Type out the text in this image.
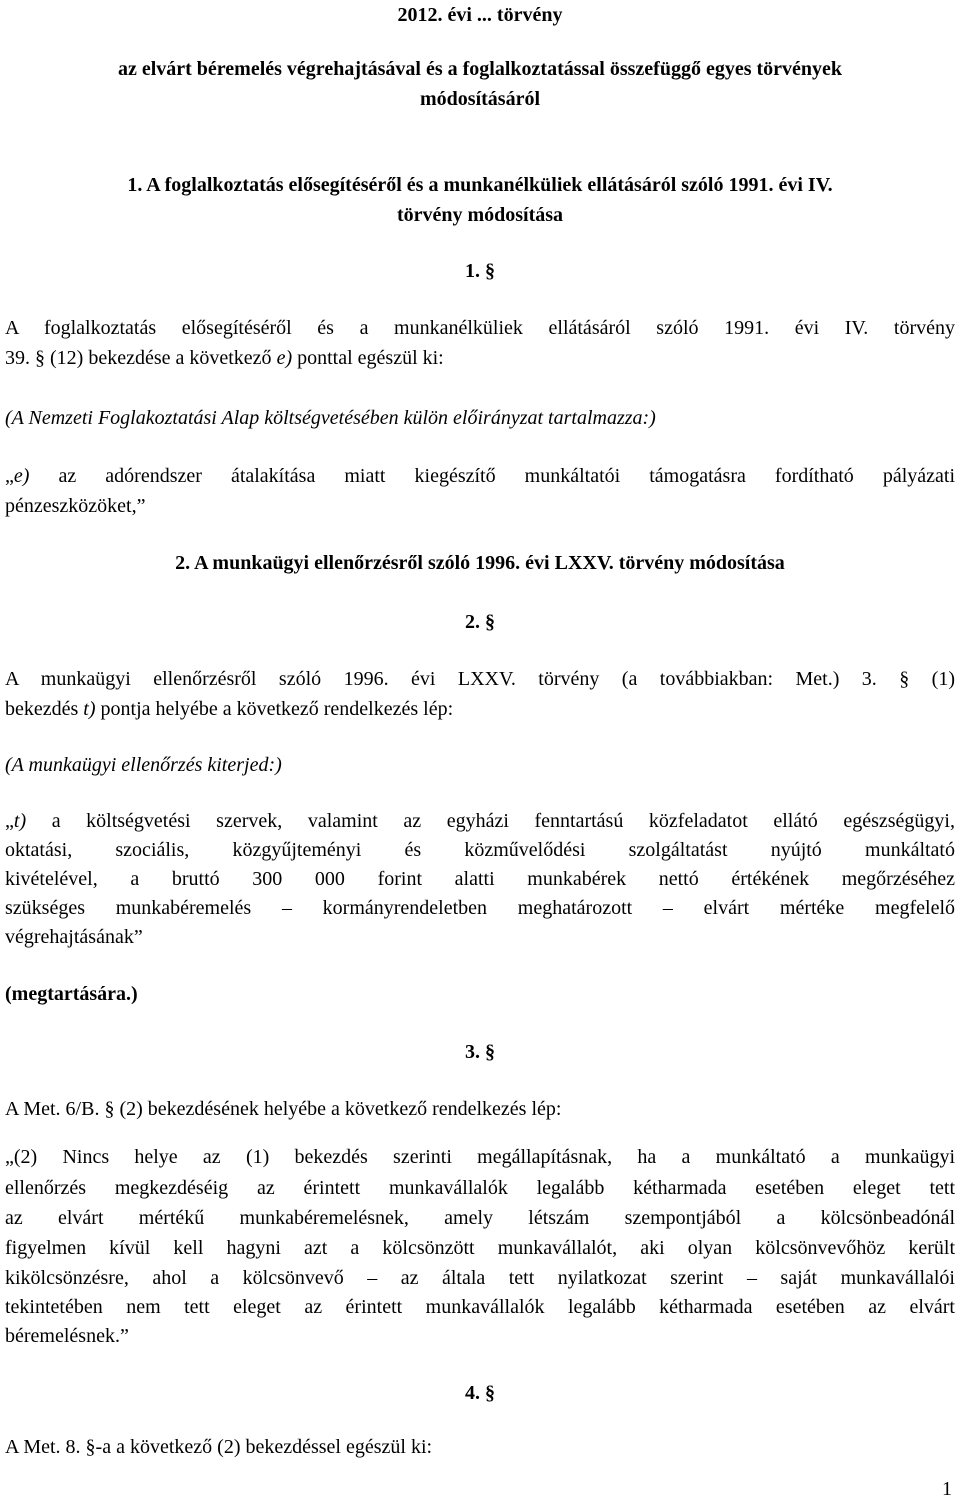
2012. évi ... törvény
az elvárt béremelés végrehajtásával és a foglalkoztatással összefüggő egyes törvények
módosításáról
1. A foglalkoztatás elősegítéséről és a munkanélküliek ellátásáról szóló 1991. évi IV.
törvény módosítása
1. §
A foglalkoztatás elősegítéséről és a munkanélküliek ellátásáról szóló 1991. évi IV. törvény
39. § (12) bekezdése a következő e) ponttal egészül ki:
(A Nemzeti Foglakoztatási Alap költségvetésében külön előirányzat tartalmazza:)
„e) az adórendszer átalakítása miatt kiegészítő munkáltatói támogatásra fordítható pályázati
pénzeszközöket,”
2. A munkaügyi ellenőrzésről szóló 1996. évi LXXV. törvény módosítása
2. §
A munkaügyi ellenőrzésről szóló 1996. évi LXXV. törvény (a továbbiakban: Met.) 3. § (1)
bekezdés t) pontja helyébe a következő rendelkezés lép:
(A munkaügyi ellenőrzés kiterjed:)
„t) a költségvetési szervek, valamint az egyházi fenntartású közfeladatot ellátó egészségügyi,
oktatási, szociális, közgyűjteményi és közművelődési szolgáltatást nyújtó munkáltató
kivételével, a bruttó 300 000 forint alatti munkabérek nettó értékének megőrzéséhez
szükséges munkabéremelés – kormányrendeletben meghatározott – elvárt mértéke megfelelő
végrehajtásának”
(megtartására.)
3. §
A Met. 6/B. § (2) bekezdésének helyébe a következő rendelkezés lép:
„(2) Nincs helye az (1) bekezdés szerinti megállapításnak, ha a munkáltató a munkaügyi
ellenőrzés megkezdéséig az érintett munkavállalók legalább kétharmada esetében eleget tett
az elvárt mértékű munkabéremelésnek, amely létszám szempontjából a kölcsönbeadónál
figyelmen kívül kell hagyni azt a kölcsönzött munkavállalót, aki olyan kölcsönvevőhöz került
kikölcsönzésre, ahol a kölcsönvevő – az általa tett nyilatkozat szerint – saját munkavállalói
tekintetében nem tett eleget az érintett munkavállalók legalább kétharmada esetében az elvárt
béremelésnek.”
4. §
A Met. 8. §-a a következő (2) bekezdéssel egészül ki:
1
